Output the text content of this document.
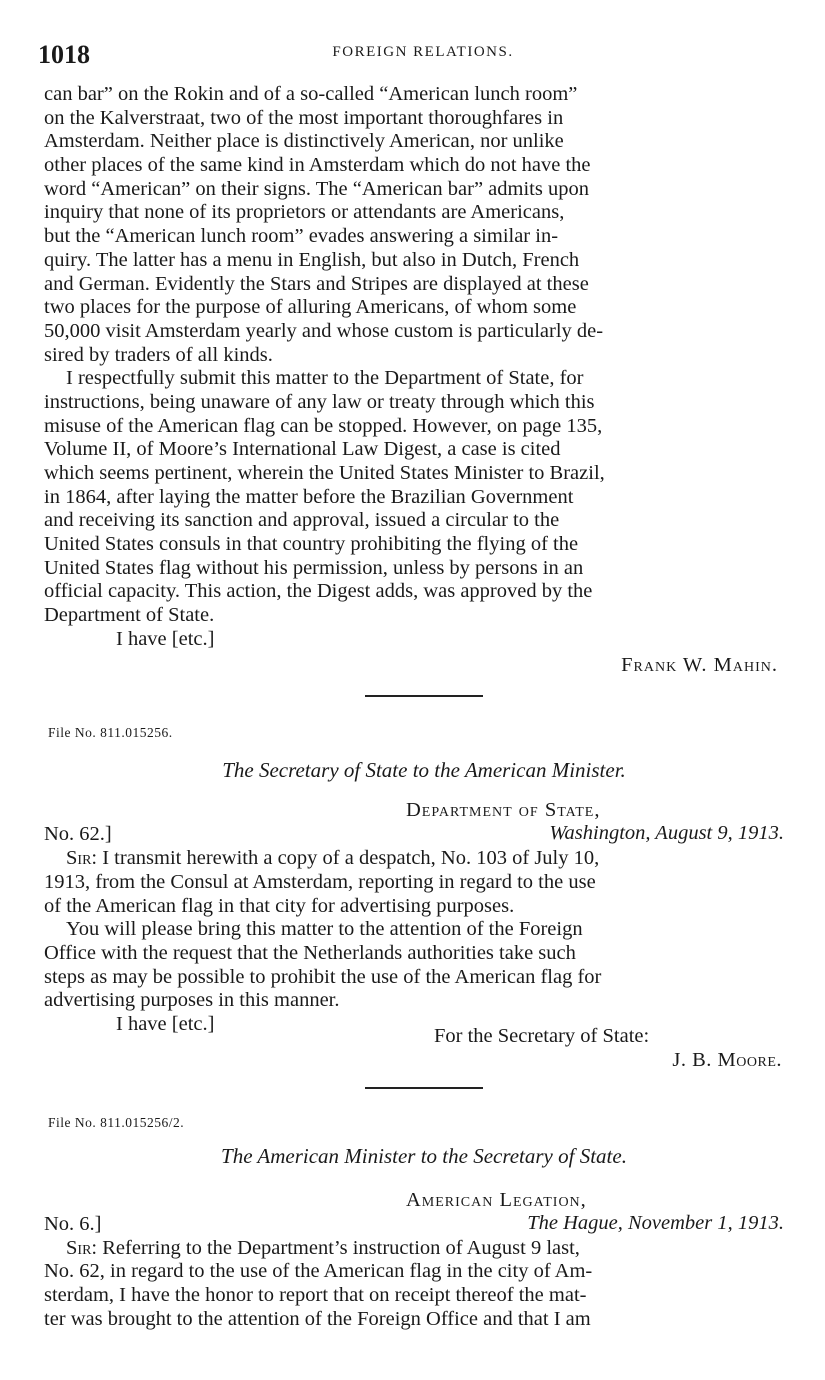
1018	FOREIGN RELATIONS.
can bar” on the Rokin and of a so-called “American lunch room”
on the Kalverstraat, two of the most important thoroughfares in
Amsterdam. Neither place is distinctively American, nor unlike
other places of the same kind in Amsterdam which do not have the
word “American” on their signs. The “American bar” admits upon
inquiry that none of its proprietors or attendants are Americans,
but the “American lunch room” evades answering a similar in-
quiry. The latter has a menu in English, but also in Dutch, French
and German. Evidently the Stars and Stripes are displayed at these
two places for the purpose of alluring Americans, of whom some
50,000 visit Amsterdam yearly and whose custom is particularly de-
sired by traders of all kinds.
I respectfully submit this matter to the Department of State, for
instructions, being unaware of any law or treaty through which this
misuse of the American flag can be stopped. However, on page 135,
Volume II, of Moore’s International Law Digest, a case is cited
which seems pertinent, wherein the United States Minister to Brazil,
in 1864, after laying the matter before the Brazilian Government
and receiving its sanction and approval, issued a circular to the
United States consuls in that country prohibiting the flying of the
United States flag without his permission, unless by persons in an
official capacity. This action, the Digest adds, was approved by the
Department of State.
I have [etc.]
Frank W. Mahin.
File No. 811.015256.
The Secretary of State to the American Minister.
Department of State,
Washington, August 9, 1913.
No. 62.]
Sir: I transmit herewith a copy of a despatch, No. 103 of July 10,
1913, from the Consul at Amsterdam, reporting in regard to the use
of the American flag in that city for advertising purposes.
You will please bring this matter to the attention of the Foreign
Office with the request that the Netherlands authorities take such
steps as may be possible to prohibit the use of the American flag for
advertising purposes in this manner.
I have [etc.]
For the Secretary of State:
J. B. Moore.
File No. 811.015256/2.
The American Minister to the Secretary of State.
American Legation,
The Hague, November 1, 1913.
No. 6.]
Sir: Referring to the Department’s instruction of August 9 last,
No. 62, in regard to the use of the American flag in the city of Am-
sterdam, I have the honor to report that on receipt thereof the mat-
ter was brought to the attention of the Foreign Office and that I am
